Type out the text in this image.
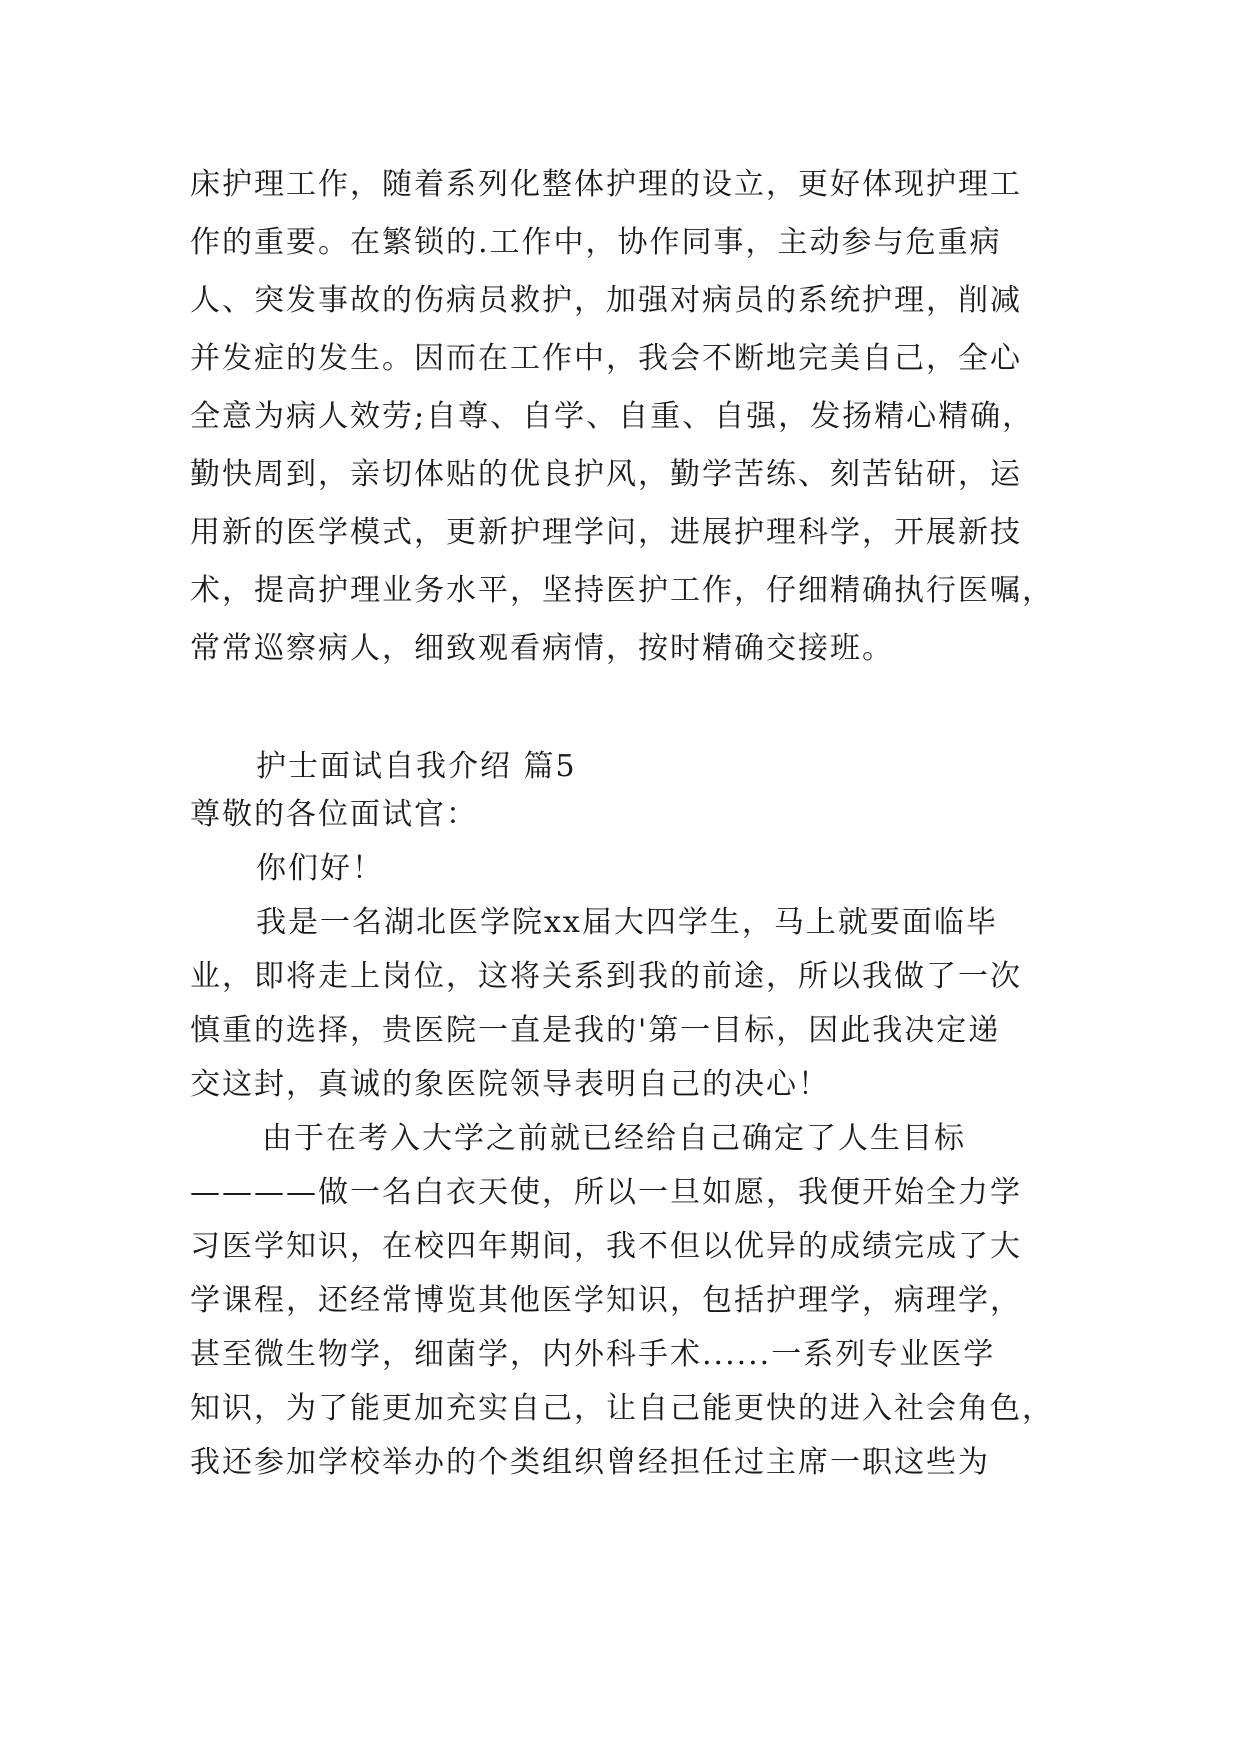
床护理工作，随着系列化整体护理的设立，更好体现护理工
作的重要。在繁锁的.工作中，协作同事，主动参与危重病
人、突发事故的伤病员救护，加强对病员的系统护理，削减
并发症的发生。因而在工作中，我会不断地完美自己，全心
全意为病人效劳;自尊、自学、自重、自强，发扬精心精确，
勤快周到，亲切体贴的优良护风，勤学苦练、刻苦钻研，运
用新的医学模式，更新护理学问，进展护理科学，开展新技
术，提高护理业务水平，坚持医护工作，仔细精确执行医嘱，
常常巡察病人，细致观看病情，按时精确交接班。
护士面试自我介绍 篇5
尊敬的各位面试官：
你们好！
我是一名湖北医学院xx届大四学生，马上就要面临毕
业，即将走上岗位，这将关系到我的前途，所以我做了一次
慎重的选择，贵医院一直是我的'第一目标，因此我决定递
交这封，真诚的象医院领导表明自己的决心！
由于在考入大学之前就已经给自己确定了人生目标
————做一名白衣天使，所以一旦如愿，我便开始全力学
习医学知识，在校四年期间，我不但以优异的成绩完成了大
学课程，还经常博览其他医学知识，包括护理学，病理学，
甚至微生物学，细菌学，内外科手术......一系列专业医学
知识，为了能更加充实自己，让自己能更快的进入社会角色，
我还参加学校举办的个类组织曾经担任过主席一职这些为
